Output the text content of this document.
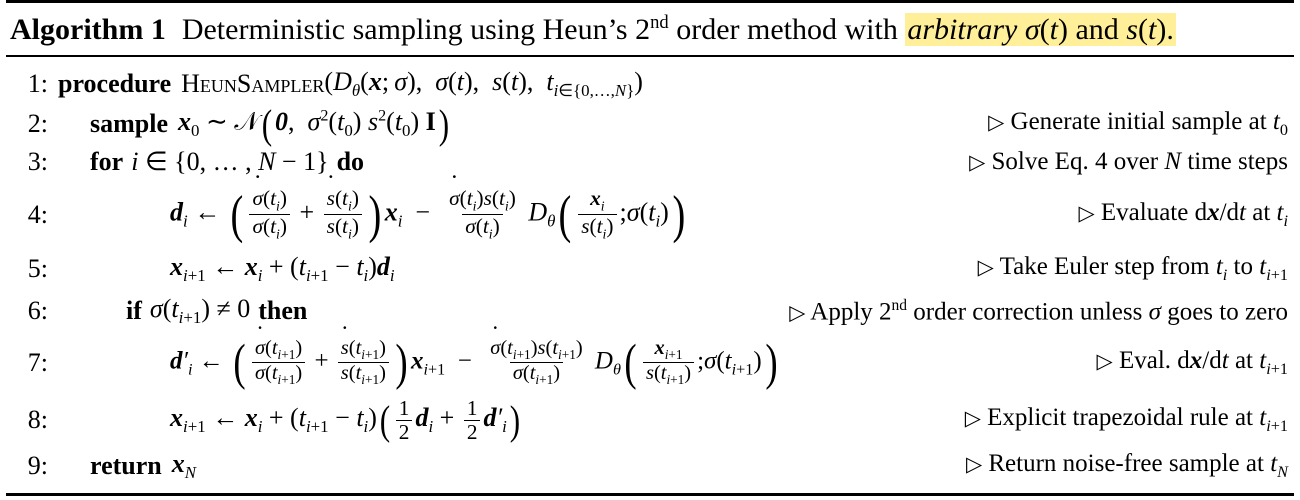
Algorithm 1 Deterministic sampling using Heun’s 2nd order method with arbitrary σ(t) and s(t).
1: procedure HeunSampler ($D_\theta(x$; σ),  σ(t),  s(t),  $t_{i\in\{0,\dots,N\}}$)
2:	sample $x_0$ ∼ 𝒩( 0,  $\sigma^2(t_0)$ $s^2(t_0)$ I)	▷ Generate initial sample at $t_0$
3:	for i ∈ {0, … , N − 1} do	▷ Solve Eq. 4 over N time steps
4:	$d_i$ ← ( $\frac{\sigma ˙(t_i)}{\sigma(t_i)} + \frac{s ˙(t_i)}{s(t_i)}$ ) $x_i - \frac{\sigma ˙(t_i)s(t_i)}{\sigma(t_i)} D_\theta( \frac{x_i}{s(t_i)}$ $;\sigma(t_i)$)	▷ Evaluate dx/dt at $t_i$
5:	$x_{i+1}$ ← $x_i + (t_{i+1} - t_i)d_i$	▷ Take Euler step from $t_i$ to $t_{i+1}$
6:	if $\sigma(t_{i+1}) \ne 0$ then	▷ Apply 2nd order correction unless σ goes to zero
7:	$d'_i$ ← ( $\frac{\sigma ˙(t_{i+1})}{\sigma(t_{i+1})} + \frac{s ˙(t_{i+1})}{s(t_{i+1})}$ ) $x_{i+1} - \frac{\sigma ˙(t_{i+1})s(t_{i+1})}{\sigma(t_{i+1})} D_\theta( \frac{x_{i+1}}{s(t_{i+1})}$ $;\sigma(t_{i+1})$)	▷ Eval. dx/dt at $t_{i+1}$
8:	$x_{i+1}$ ← $x_i + (t_{i+1} - t_i)( \frac{1}{2} d_i + \frac{1}{2} d'_i)$	▷ Explicit trapezoidal rule at $t_{i+1}$
9:	return $x_N$	▷ Return noise-free sample at $t_N$
